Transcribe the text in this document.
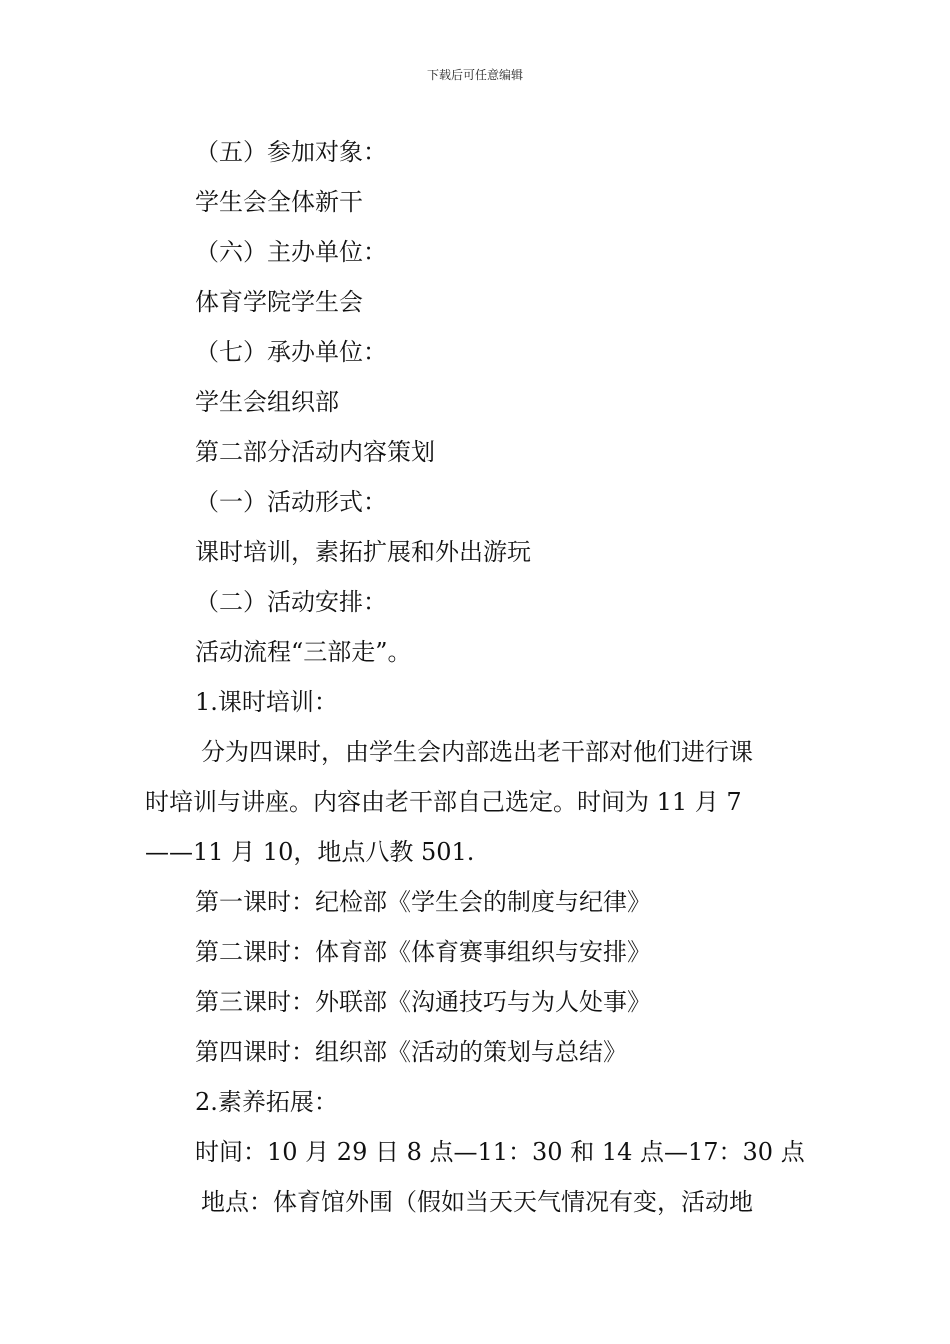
下载后可任意编辑
（五）参加对象：
学生会全体新干
（六）主办单位：
体育学院学生会
（七）承办单位：
学生会组织部
第二部分活动内容策划
（一）活动形式：
课时培训，素拓扩展和外出游玩
（二）活动安排：
活动流程“三部走”。
1.课时培训：
分为四课时，由学生会内部选出老干部对他们进行课
时培训与讲座。内容由老干部自己选定。时间为 11 月 7
——11 月 10，地点八教 501.
第一课时：纪检部《学生会的制度与纪律》
第二课时：体育部《体育赛事组织与安排》
第三课时：外联部《沟通技巧与为人处事》
第四课时：组织部《活动的策划与总结》
2.素养拓展：
时间：10 月 29 日 8 点—11：30 和 14 点—17：30 点
地点：体育馆外围（假如当天天气情况有变，活动地
